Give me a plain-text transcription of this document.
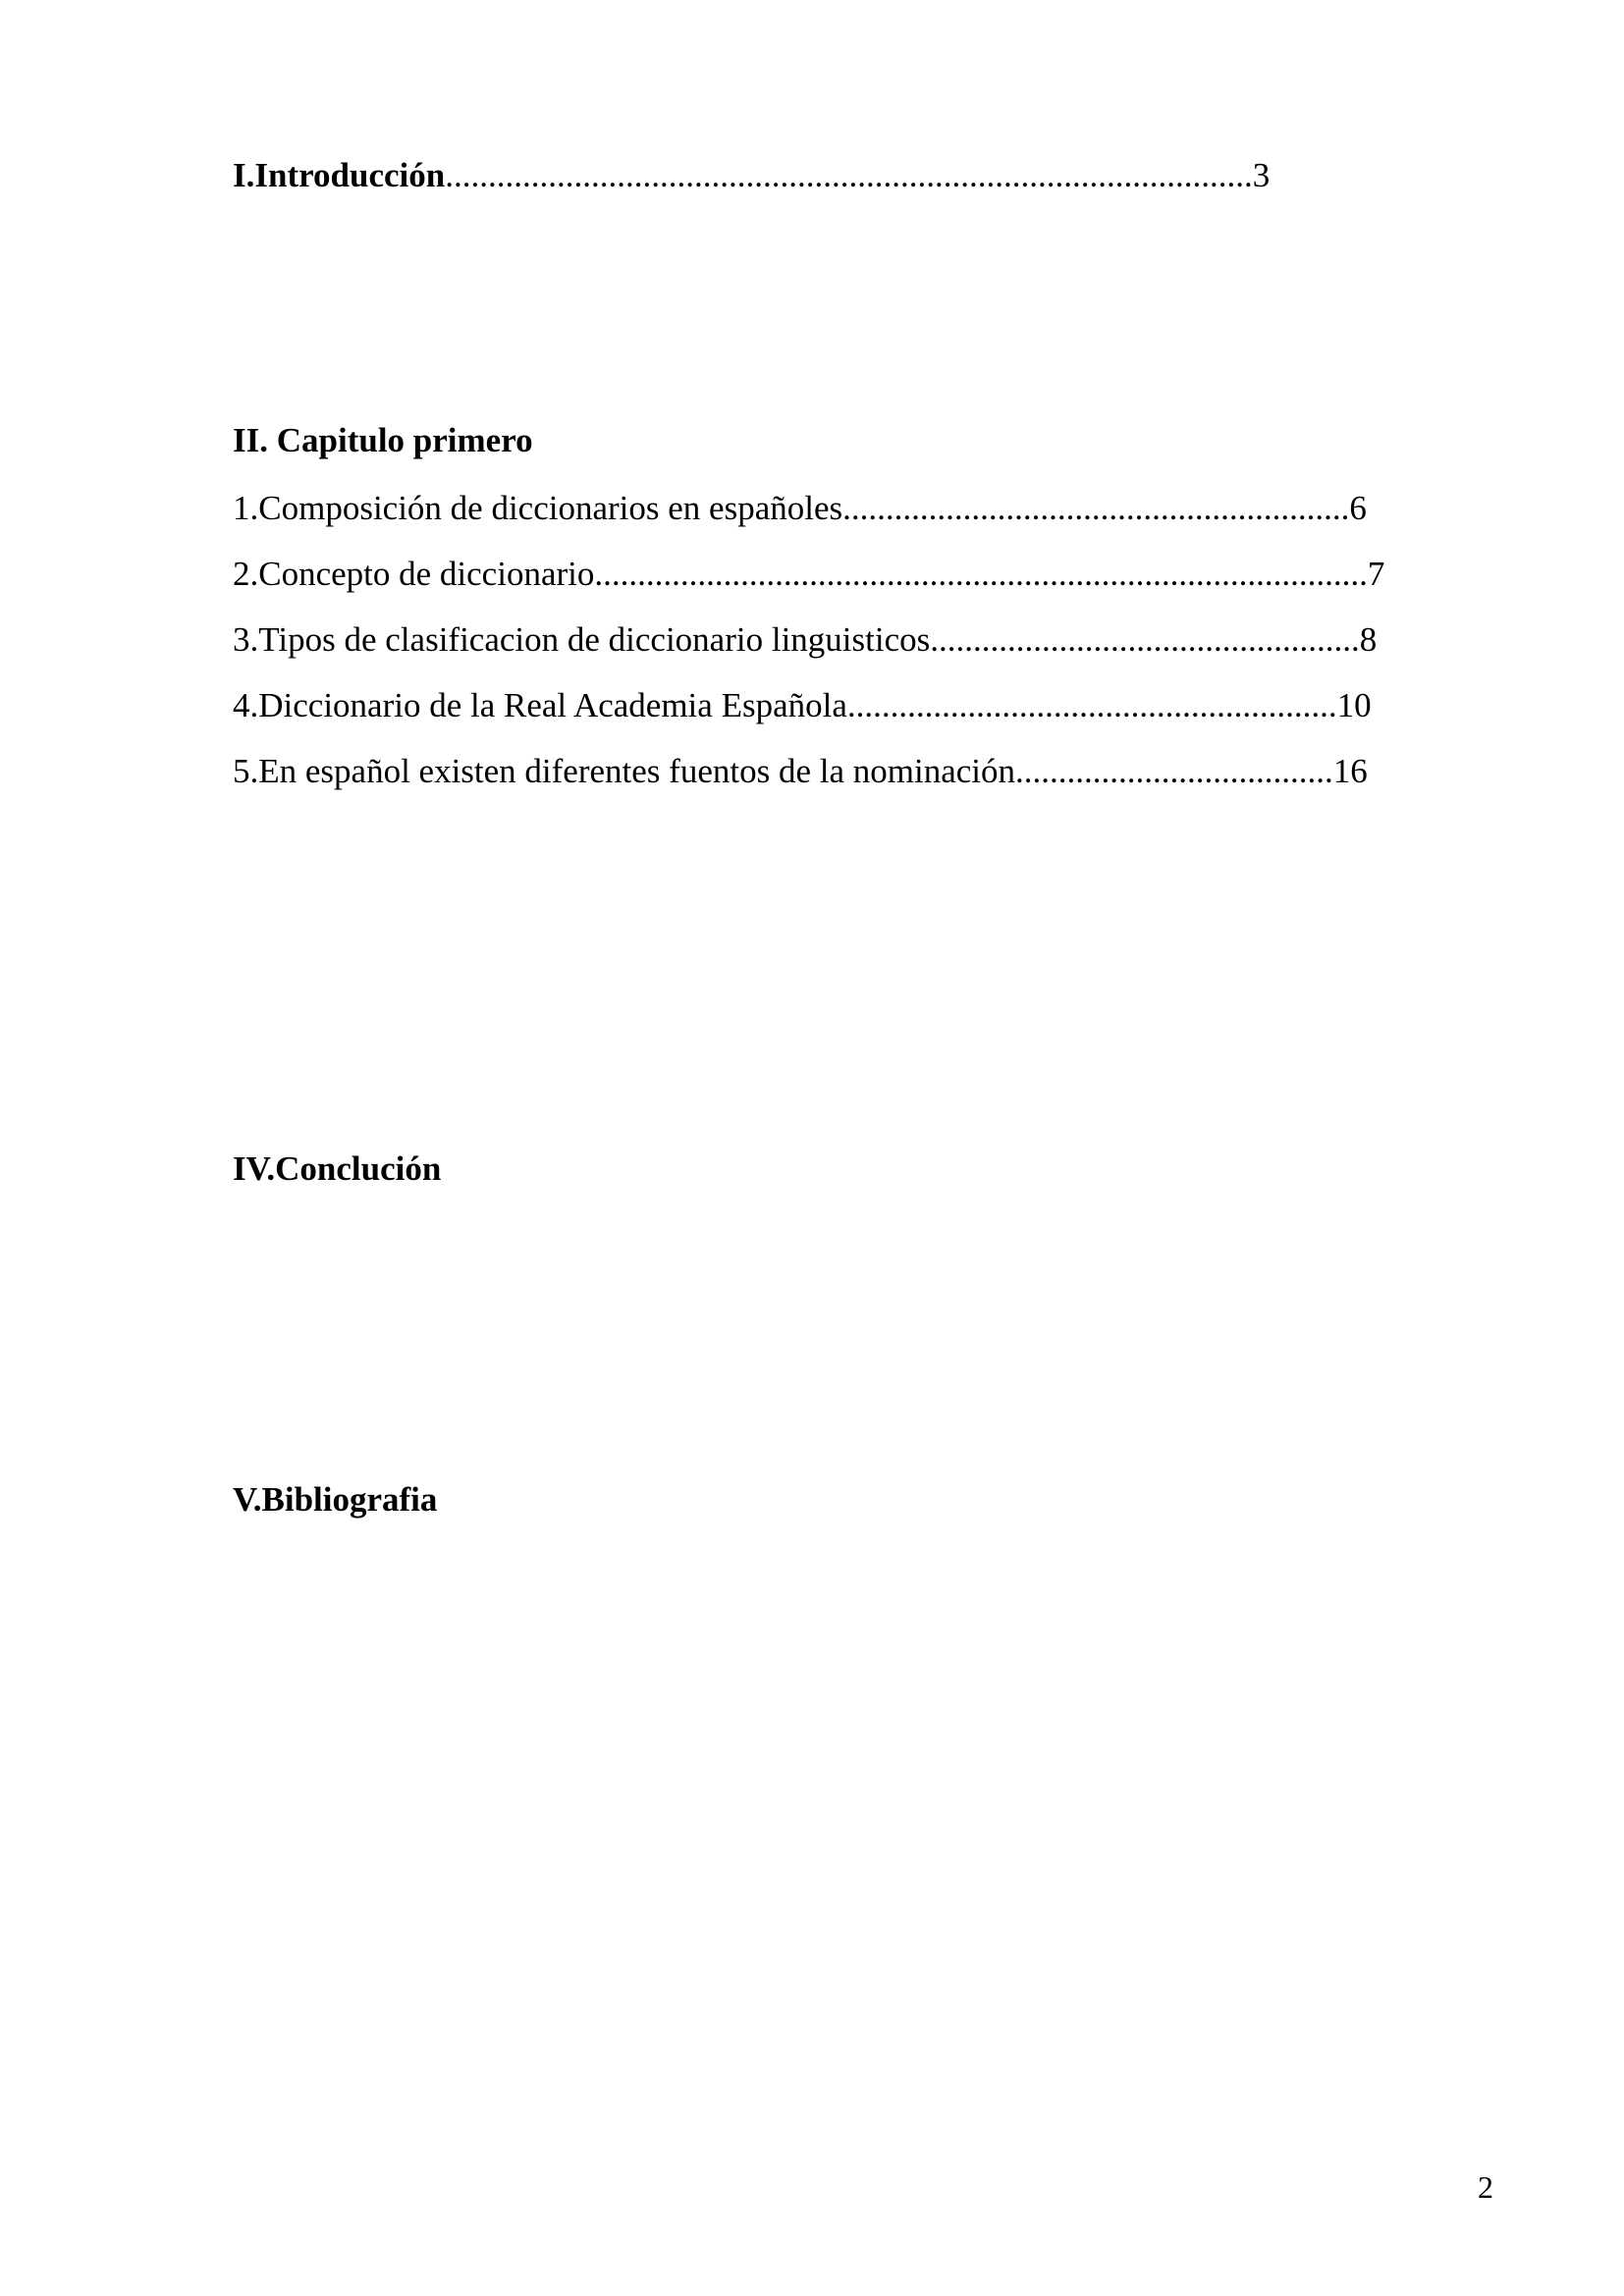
I.Introducción..............................................................................................3
II. Capitulo primero
1.Composición de diccionarios en españoles...........................................................6
2.Concepto de diccionario..........................................................................................7
3.Tipos de clasificacion de diccionario linguisticos..................................................8
4.Diccionario de la Real Academia Española.........................................................10
5.En español existen diferentes fuentos de la nominación.....................................16
IV.Conclución
V.Bibliografia
2
